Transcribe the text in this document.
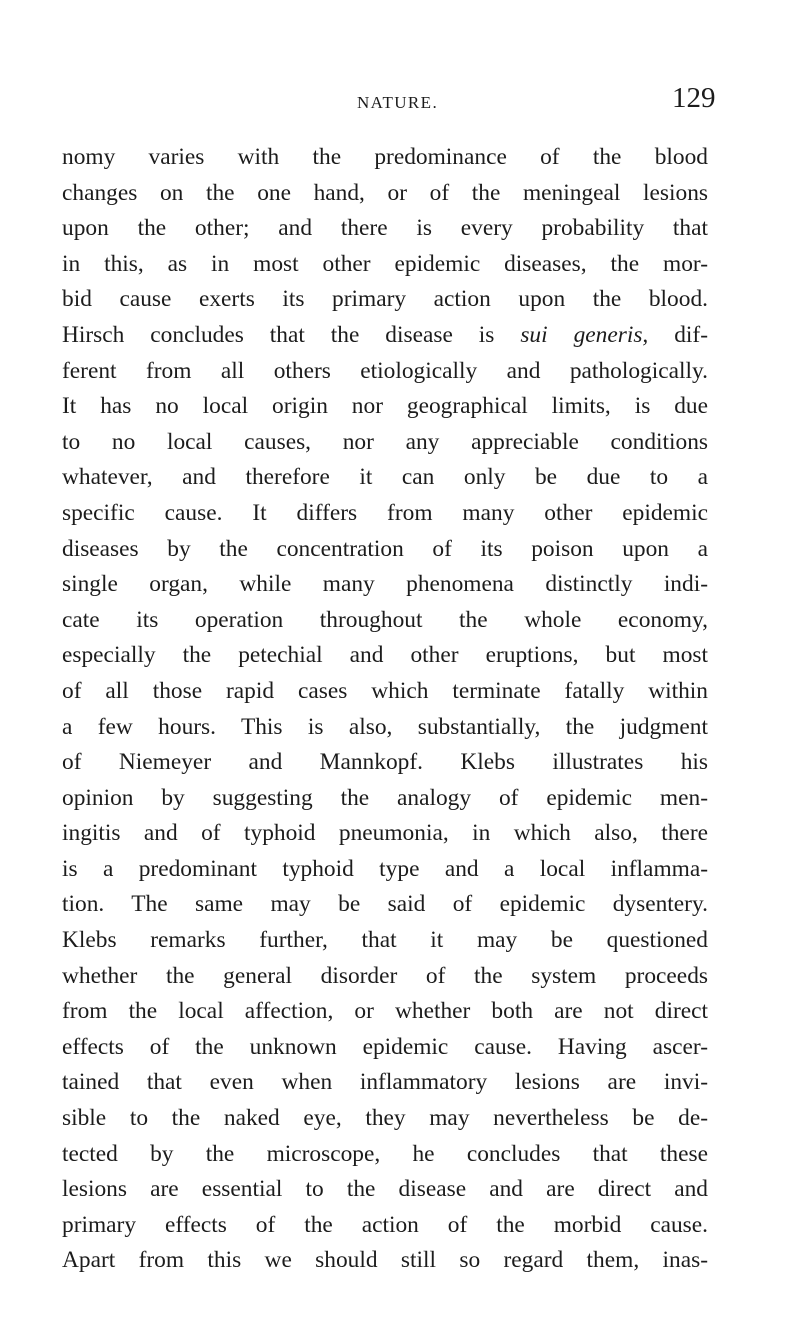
NATURE.	129
nomy varies with the predominance of the blood
changes on the one hand, or of the meningeal lesions
upon the other; and there is every probability that
in this, as in most other epidemic diseases, the mor-
bid cause exerts its primary action upon the blood.
Hirsch concludes that the disease is sui generis, dif-
ferent from all others etiologically and pathologically.
It has no local origin nor geographical limits, is due
to no local causes, nor any appreciable conditions
whatever, and therefore it can only be due to a
specific cause. It differs from many other epidemic
diseases by the concentration of its poison upon a
single organ, while many phenomena distinctly indi-
cate its operation throughout the whole economy,
especially the petechial and other eruptions, but most
of all those rapid cases which terminate fatally within
a few hours. This is also, substantially, the judgment
of Niemeyer and Mannkopf. Klebs illustrates his
opinion by suggesting the analogy of epidemic men-
ingitis and of typhoid pneumonia, in which also, there
is a predominant typhoid type and a local inflamma-
tion. The same may be said of epidemic dysentery.
Klebs remarks further, that it may be questioned
whether the general disorder of the system proceeds
from the local affection, or whether both are not direct
effects of the unknown epidemic cause. Having ascer-
tained that even when inflammatory lesions are invi-
sible to the naked eye, they may nevertheless be de-
tected by the microscope, he concludes that these
lesions are essential to the disease and are direct and
primary effects of the action of the morbid cause.
Apart from this we should still so regard them, inas-
